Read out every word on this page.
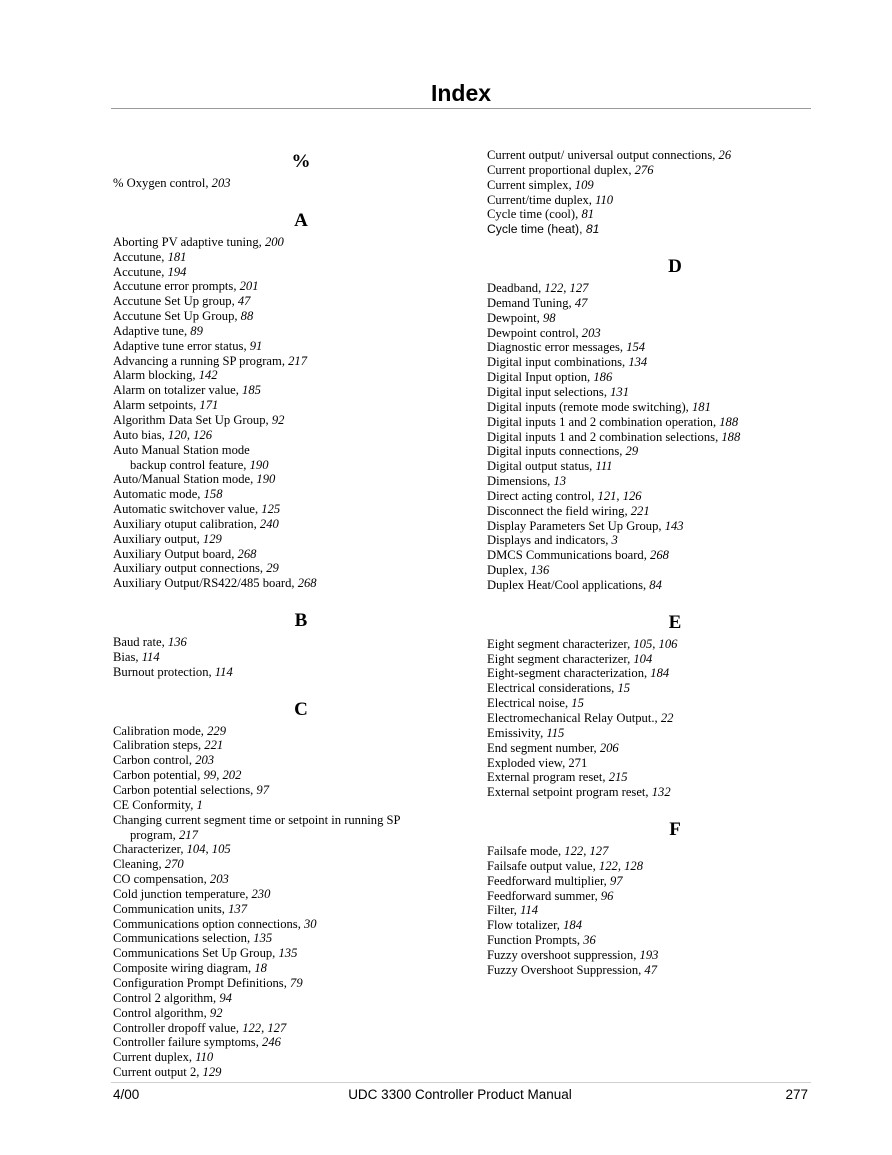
Index
%
% Oxygen control, 203
A
Aborting PV adaptive tuning, 200
Accutune, 181
Accutune, 194
Accutune error prompts, 201
Accutune Set Up group, 47
Accutune Set Up Group, 88
Adaptive tune, 89
Adaptive tune error status, 91
Advancing a running SP program, 217
Alarm blocking, 142
Alarm on totalizer value, 185
Alarm setpoints, 171
Algorithm Data Set Up Group, 92
Auto bias, 120, 126
Auto Manual Station mode
backup control feature, 190
Auto/Manual Station mode, 190
Automatic mode, 158
Automatic switchover value, 125
Auxiliary otuput calibration, 240
Auxiliary output, 129
Auxiliary Output board, 268
Auxiliary output connections, 29
Auxiliary Output/RS422/485 board, 268
B
Baud rate, 136
Bias, 114
Burnout protection, 114
C
Calibration mode, 229
Calibration steps, 221
Carbon control, 203
Carbon potential, 99, 202
Carbon potential selections, 97
CE Conformity, 1
Changing current segment time or setpoint in running SP
program, 217
Characterizer, 104, 105
Cleaning, 270
CO compensation, 203
Cold junction temperature, 230
Communication units, 137
Communications option connections, 30
Communications selection, 135
Communications Set Up Group, 135
Composite wiring diagram, 18
Configuration Prompt Definitions, 79
Control 2 algorithm, 94
Control algorithm, 92
Controller dropoff value, 122, 127
Controller failure symptoms, 246
Current duplex, 110
Current output 2, 129
Current output/ universal output connections, 26
Current proportional duplex, 276
Current simplex, 109
Current/time duplex, 110
Cycle time (cool), 81
Cycle time (heat), 81
D
Deadband, 122, 127
Demand Tuning, 47
Dewpoint, 98
Dewpoint control, 203
Diagnostic error messages, 154
Digital input combinations, 134
Digital Input option, 186
Digital input selections, 131
Digital inputs (remote mode switching), 181
Digital inputs 1 and 2 combination operation, 188
Digital inputs 1 and 2 combination selections, 188
Digital inputs connections, 29
Digital output status, 111
Dimensions, 13
Direct acting control, 121, 126
Disconnect the field wiring, 221
Display Parameters Set Up Group, 143
Displays and indicators, 3
DMCS Communications board, 268
Duplex, 136
Duplex Heat/Cool applications, 84
E
Eight segment characterizer, 105, 106
Eight segment characterizer, 104
Eight-segment characterization, 184
Electrical considerations, 15
Electrical noise, 15
Electromechanical Relay Output., 22
Emissivity, 115
End segment number, 206
Exploded view, 271
External program reset, 215
External setpoint program reset, 132
F
Failsafe mode, 122, 127
Failsafe output value, 122, 128
Feedforward multiplier, 97
Feedforward summer, 96
Filter, 114
Flow totalizer, 184
Function Prompts, 36
Fuzzy overshoot suppression, 193
Fuzzy Overshoot Suppression, 47
4/00	UDC 3300 Controller Product Manual	277
